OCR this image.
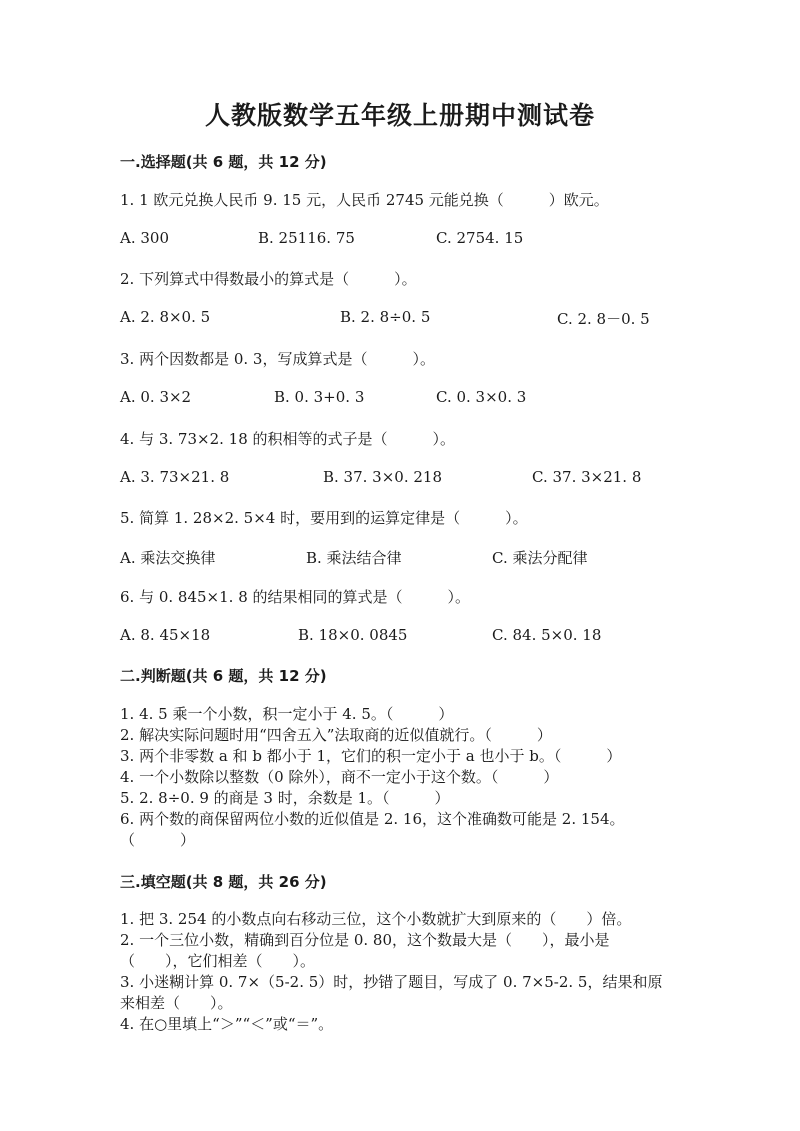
人教版数学五年级上册期中测试卷
一.选择题(共 6 题，共 12 分)
1. 1 欧元兑换人民币 9. 15 元，人民币 2745 元能兑换（　　　）欧元。
A. 300	B. 25116. 75	C. 2754. 15
2. 下列算式中得数最小的算式是（　　　）。
A. 2. 8×0. 5	B. 2. 8÷0. 5	C. 2. 8－0. 5
3. 两个因数都是 0. 3，写成算式是（　　　）。
A. 0. 3×2	B. 0. 3+0. 3	C. 0. 3×0. 3
4. 与 3. 73×2. 18 的积相等的式子是（　　　）。
A. 3. 73×21. 8	B. 37. 3×0. 218	C. 37. 3×21. 8
5. 简算 1. 28×2. 5×4 时，要用到的运算定律是（　　　）。
A. 乘法交换律	B. 乘法结合律	C. 乘法分配律
6. 与 0. 845×1. 8 的结果相同的算式是（　　　）。
A. 8. 45×18	B. 18×0. 0845	C. 84. 5×0. 18
二.判断题(共 6 题，共 12 分)
1. 4. 5 乘一个小数，积一定小于 4. 5。（　　　）
2. 解决实际问题时用“四舍五入”法取商的近似值就行。（　　　）
3. 两个非零数 a 和 b 都小于 1，它们的积一定小于 a 也小于 b。（　　　）
4. 一个小数除以整数（0 除外），商不一定小于这个数。（　　　）
5. 2. 8÷0. 9 的商是 3 时，余数是 1。（　　　）
6. 两个数的商保留两位小数的近似值是 2. 16，这个准确数可能是 2. 154。
（　　　）
三.填空题(共 8 题，共 26 分)
1. 把 3. 254 的小数点向右移动三位，这个小数就扩大到原来的（　　）倍。
2. 一个三位小数，精确到百分位是 0. 80，这个数最大是（　　），最小是
（　　），它们相差（　　）。
3. 小迷糊计算 0. 7×（5-2. 5）时，抄错了题目，写成了 0. 7×5-2. 5，结果和原
来相差（　　）。
4. 在○里填上“＞”“＜”或“＝”。
